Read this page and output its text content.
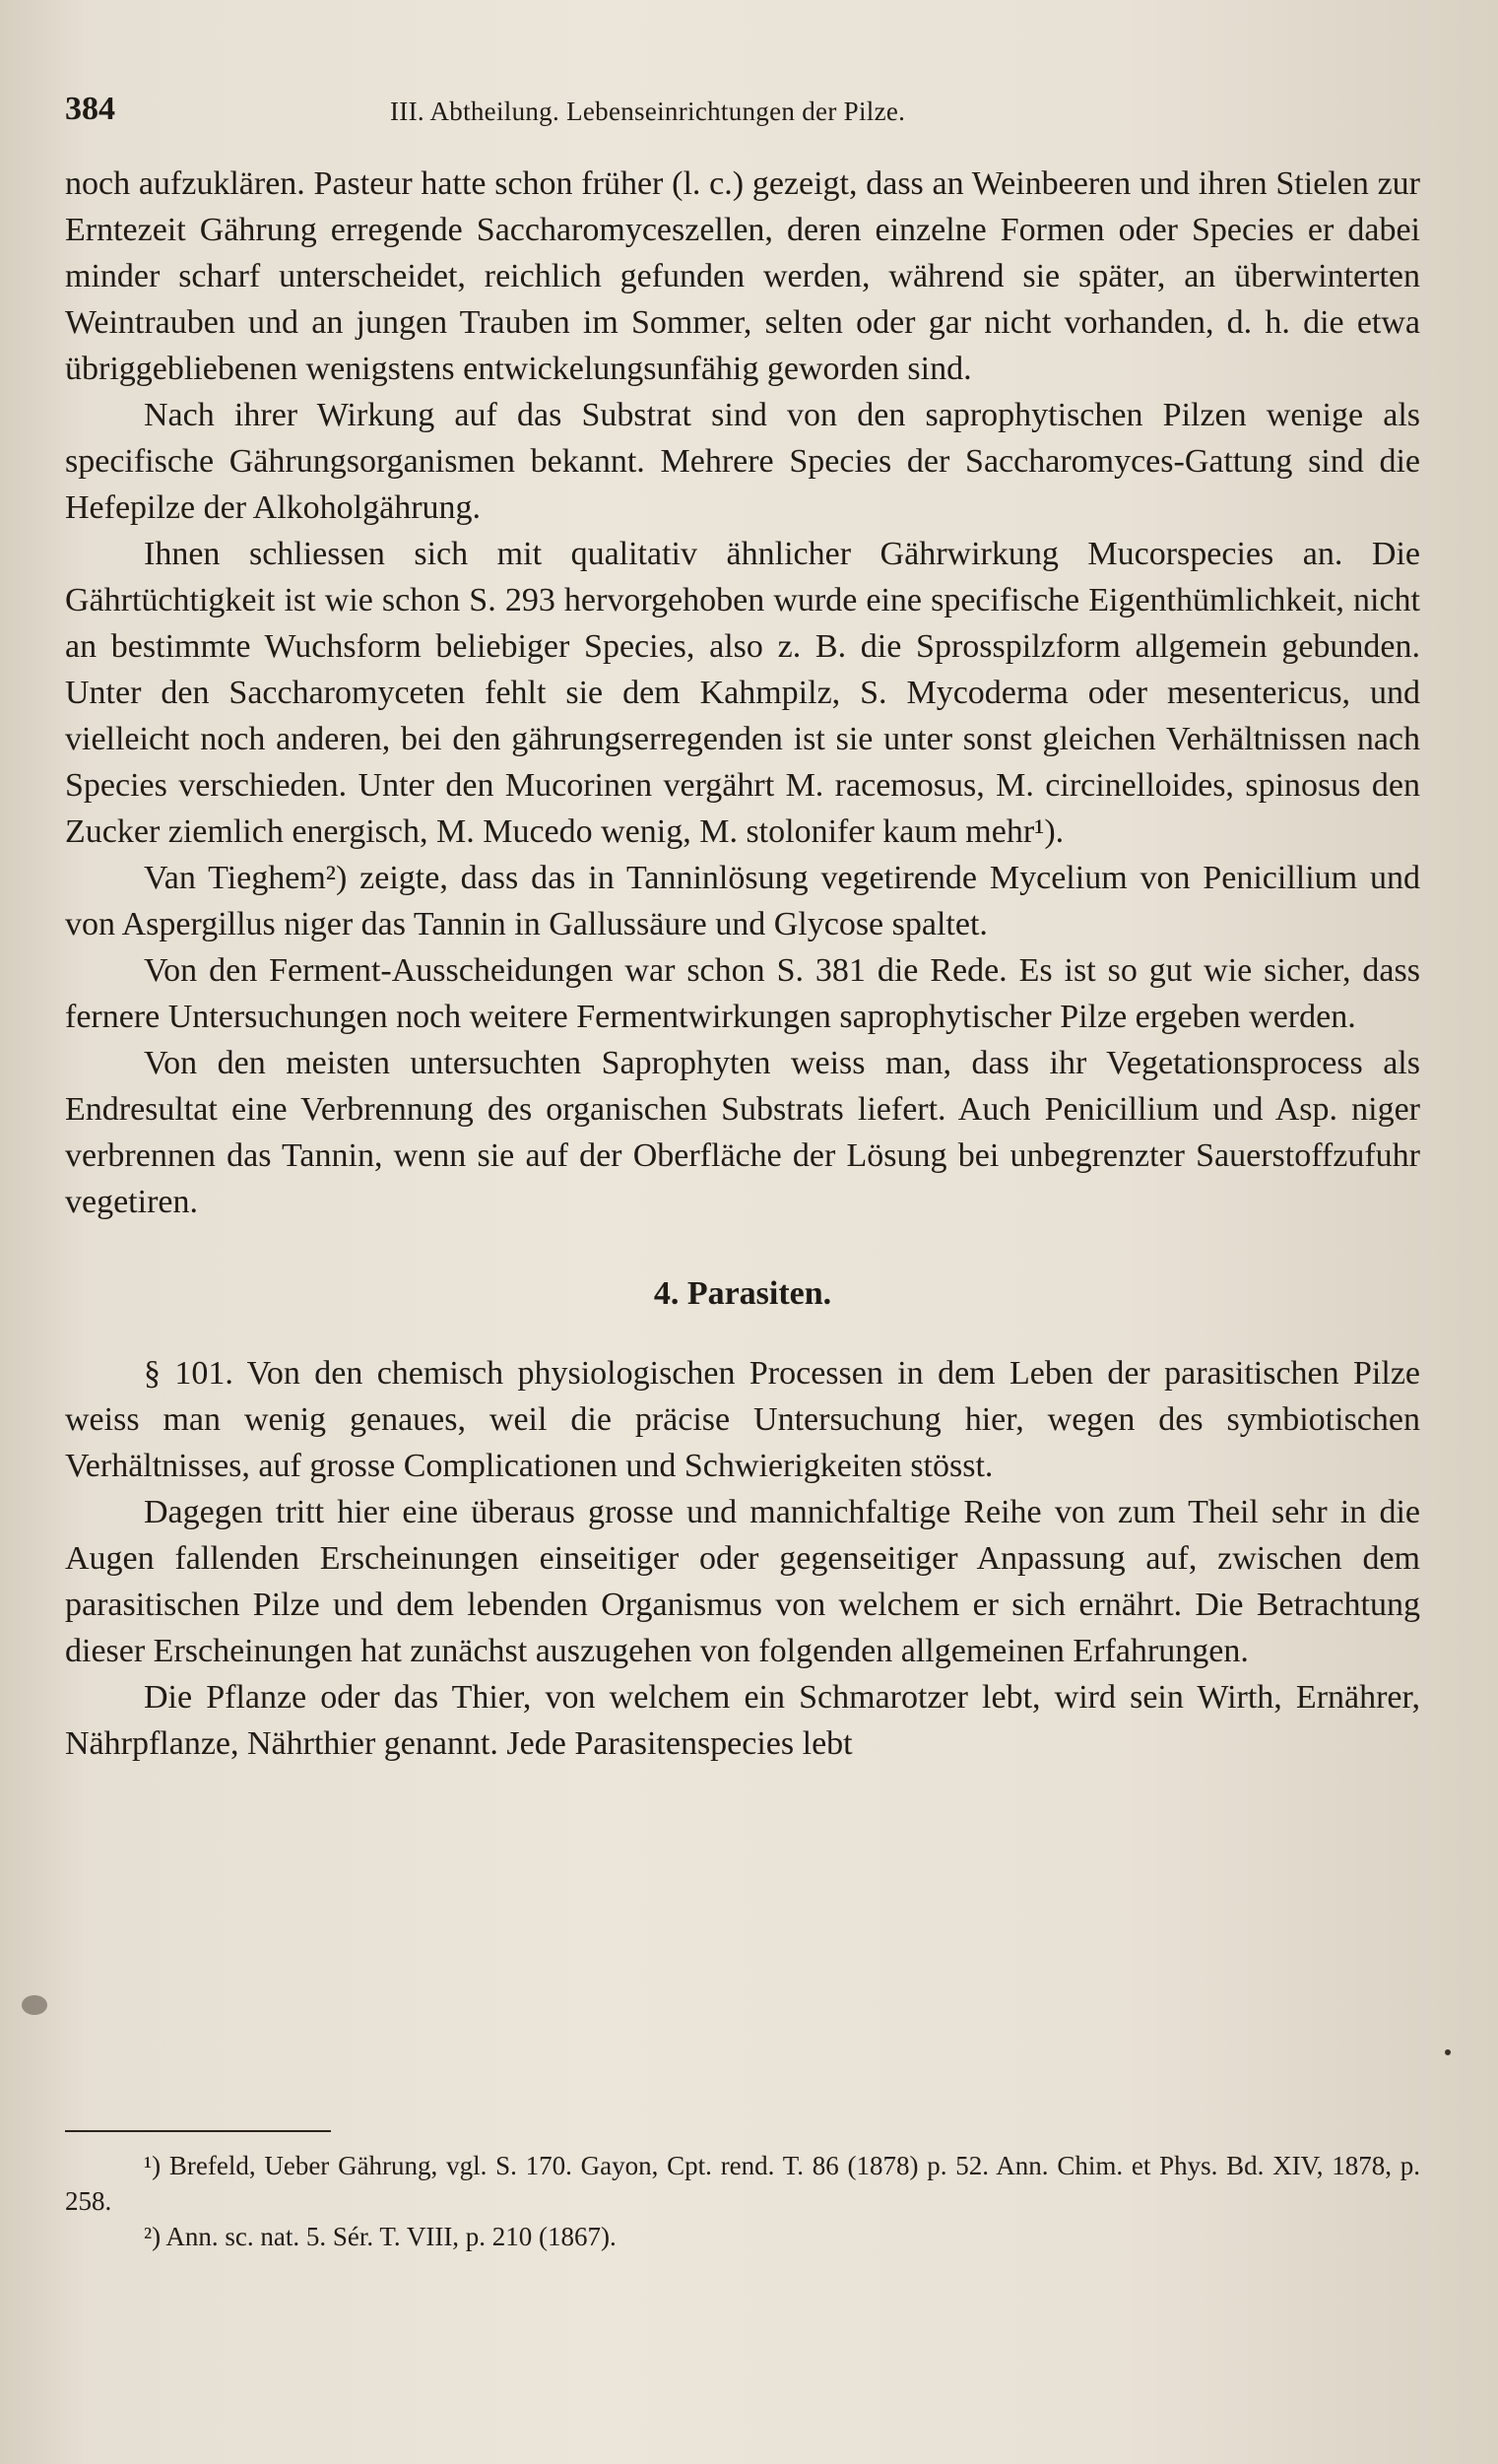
384	III. Abtheilung. Lebenseinrichtungen der Pilze.

noch aufzuklären. Pasteur hatte schon früher (l. c.) gezeigt, dass an Weinbeeren und ihren Stielen zur Erntezeit Gährung erregende Saccharomyceszellen, deren einzelne Formen oder Species er dabei minder scharf unterscheidet, reichlich gefunden werden, während sie später, an überwinterten Weintrauben und an jungen Trauben im Sommer, selten oder gar nicht vorhanden, d. h. die etwa übriggebliebenen wenigstens entwickelungsunfähig geworden sind.

Nach ihrer Wirkung auf das Substrat sind von den saprophytischen Pilzen wenige als specifische Gährungsorganismen bekannt. Mehrere Species der Saccharomyces-Gattung sind die Hefepilze der Alkoholgährung.

Ihnen schliessen sich mit qualitativ ähnlicher Gährwirkung Mucorspecies an. Die Gährtüchtigkeit ist wie schon S. 293 hervorgehoben wurde eine specifische Eigenthümlichkeit, nicht an bestimmte Wuchsform beliebiger Species, also z. B. die Sprosspilzform allgemein gebunden. Unter den Saccharomyceten fehlt sie dem Kahmpilz, S. Mycoderma oder mesentericus, und vielleicht noch anderen, bei den gährungserregenden ist sie unter sonst gleichen Verhältnissen nach Species verschieden. Unter den Mucorinen vergährt M. racemosus, M. circinelloides, spinosus den Zucker ziemlich energisch, M. Mucedo wenig, M. stolonifer kaum mehr¹).

Van Tieghem²) zeigte, dass das in Tanninlösung vegetirende Mycelium von Penicillium und von Aspergillus niger das Tannin in Gallussäure und Glycose spaltet.

Von den Ferment-Ausscheidungen war schon S. 381 die Rede. Es ist so gut wie sicher, dass fernere Untersuchungen noch weitere Fermentwirkungen saprophytischer Pilze ergeben werden.

Von den meisten untersuchten Saprophyten weiss man, dass ihr Vegetationsprocess als Endresultat eine Verbrennung des organischen Substrats liefert. Auch Penicillium und Asp. niger verbrennen das Tannin, wenn sie auf der Oberfläche der Lösung bei unbegrenzter Sauerstoffzufuhr vegetiren.

4. Parasiten.

§ 101. Von den chemisch physiologischen Processen in dem Leben der parasitischen Pilze weiss man wenig genaues, weil die präcise Untersuchung hier, wegen des symbiotischen Verhältnisses, auf grosse Complicationen und Schwierigkeiten stösst.

Dagegen tritt hier eine überaus grosse und mannichfaltige Reihe von zum Theil sehr in die Augen fallenden Erscheinungen einseitiger oder gegenseitiger Anpassung auf, zwischen dem parasitischen Pilze und dem lebenden Organismus von welchem er sich ernährt. Die Betrachtung dieser Erscheinungen hat zunächst auszugehen von folgenden allgemeinen Erfahrungen.

Die Pflanze oder das Thier, von welchem ein Schmarotzer lebt, wird sein Wirth, Ernährer, Nährpflanze, Nährthier genannt. Jede Parasitenspecies lebt

¹) Brefeld, Ueber Gährung, vgl. S. 170. Gayon, Cpt. rend. T. 86 (1878) p. 52. Ann. Chim. et Phys. Bd. XIV, 1878, p. 258.

²) Ann. sc. nat. 5. Sér. T. VIII, p. 210 (1867).
